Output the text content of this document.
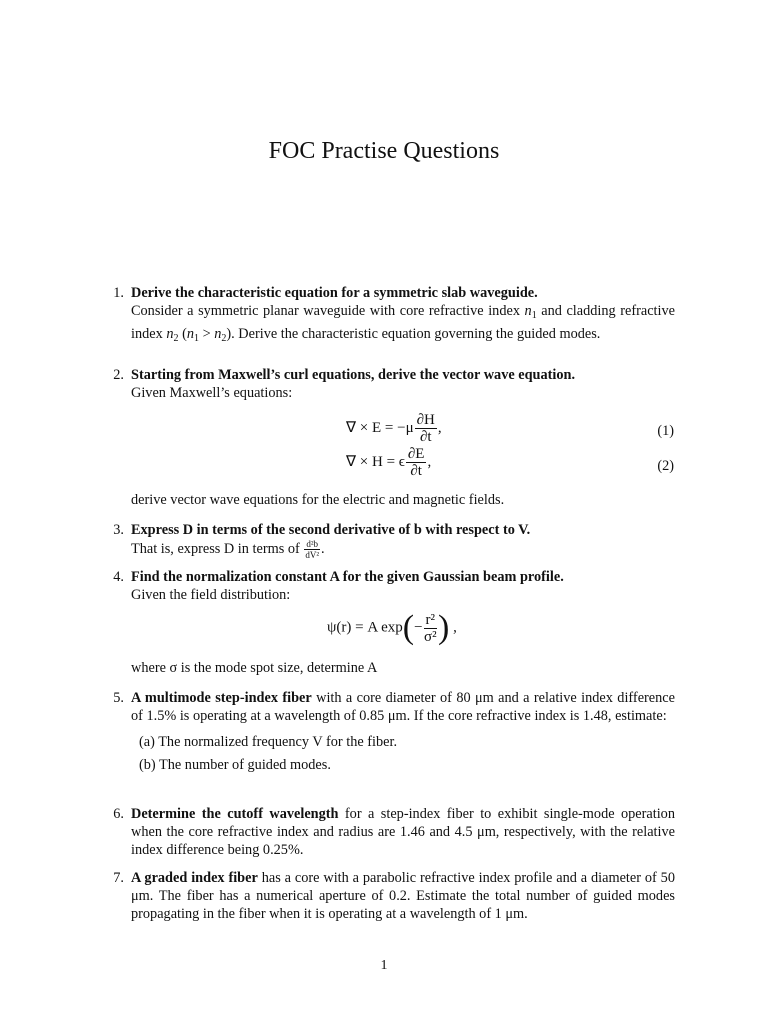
FOC Practise Questions
1. Derive the characteristic equation for a symmetric slab waveguide.
Consider a symmetric planar waveguide with core refractive index $n_1$ and cladding refractive index $n_2$ $(n_1 > n_2)$. Derive the characteristic equation governing the guided modes.
2. Starting from Maxwell’s curl equations, derive the vector wave equation.
Given Maxwell’s equations:
∇ × $E = -\mu \frac{\partial H}{\partial t}$ ,	(1)
∇ × H = ϵ $\frac{\partial E}{\partial t}$ ,	(2)
derive vector wave equations for the electric and magnetic fields.
3. Express D in terms of the second derivative of b with respect to V.
That is, express D in terms of $\frac{\text{d²b}}{\text{dV²}}$ .
4. Find the normalization constant A for the given Gaussian beam profile.
Given the field distribution:
ψ(r) = A $\exp(- \frac{\text{r²}}{\text{σ²}}$ ) ,
where σ is the mode spot size, determine A
5. A multimode step-index fiber with a core diameter of 80 μm and a relative index difference of 1.5% is operating at a wavelength of 0.85 μm. If the core refractive index is 1.48, estimate:
(a) The normalized frequency V for the fiber.
(b) The number of guided modes.
6. Determine the cutoff wavelength for a step-index fiber to exhibit single-mode operation when the core refractive index and radius are 1.46 and 4.5 μm, respectively, with the relative index difference being 0.25%.
7. A graded index fiber has a core with a parabolic refractive index profile and a diameter of 50 μm. The fiber has a numerical aperture of 0.2. Estimate the total number of guided modes propagating in the fiber when it is operating at a wavelength of 1 μm.
1
